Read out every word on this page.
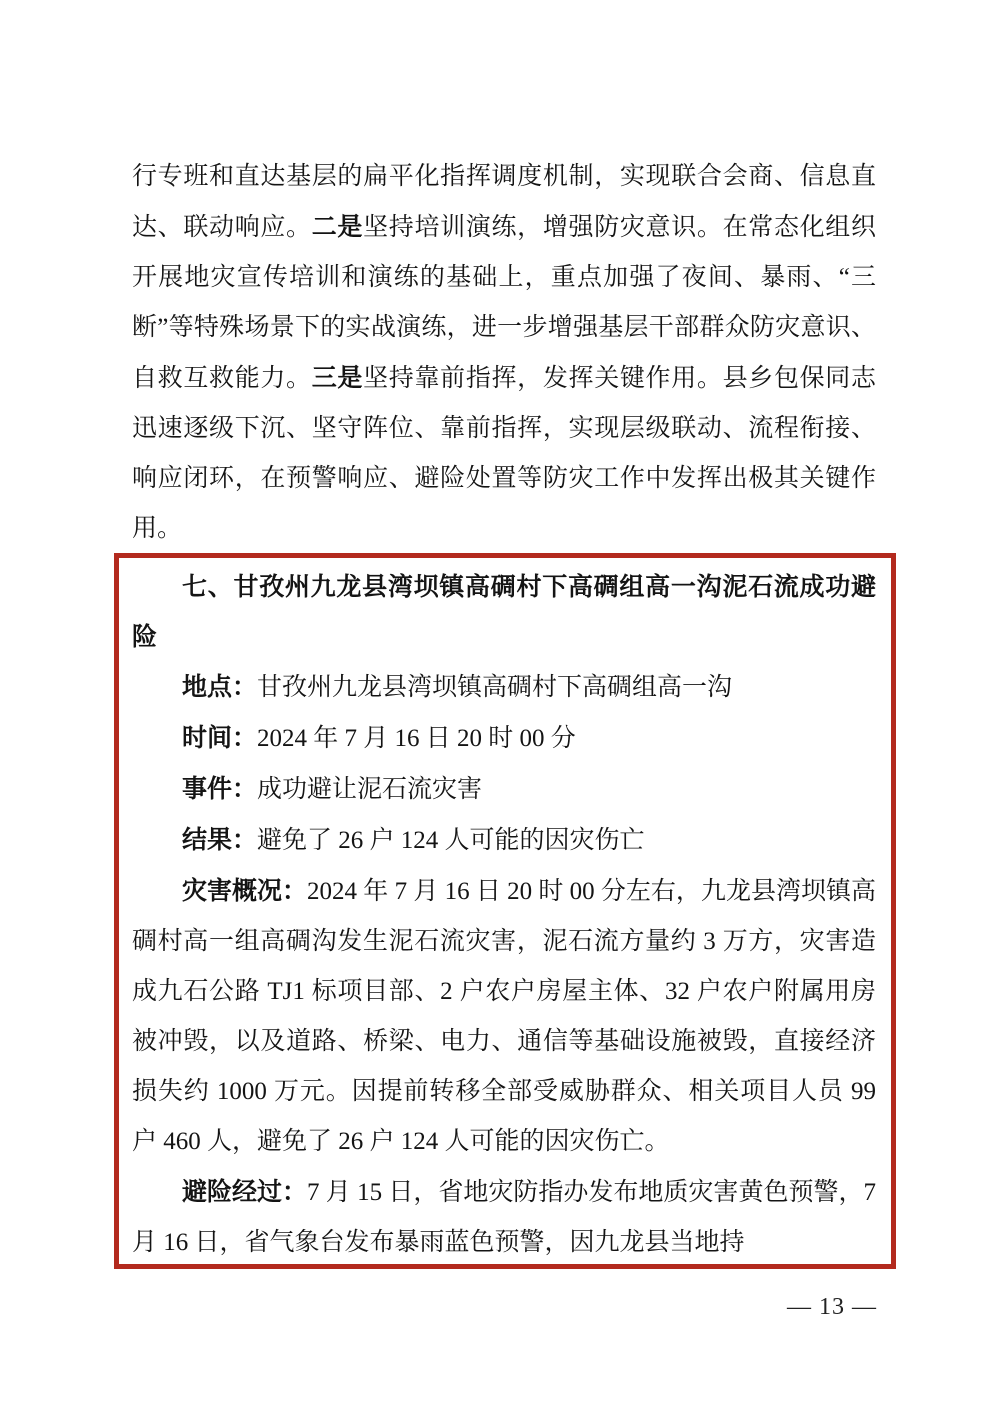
行专班和直达基层的扁平化指挥调度机制，实现联合会商、信息直达、联动响应。二是坚持培训演练，增强防灾意识。在常态化组织开展地灾宣传培训和演练的基础上，重点加强了夜间、暴雨、“三断”等特殊场景下的实战演练，进一步增强基层干部群众防灾意识、自救互救能力。三是坚持靠前指挥，发挥关键作用。县乡包保同志迅速逐级下沉、坚守阵位、靠前指挥，实现层级联动、流程衔接、响应闭环，在预警响应、避险处置等防灾工作中发挥出极其关键作用。

七、甘孜州九龙县湾坝镇高碉村下高碉组高一沟泥石流成功避险

地点：甘孜州九龙县湾坝镇高碉村下高碉组高一沟

时间：2024 年 7 月 16 日 20 时 00 分

事件：成功避让泥石流灾害

结果：避免了 26 户 124 人可能的因灾伤亡

灾害概况：2024 年 7 月 16 日 20 时 00 分左右，九龙县湾坝镇高碉村高一组高碉沟发生泥石流灾害，泥石流方量约 3 万方，灾害造成九石公路 TJ1 标项目部、2 户农户房屋主体、32 户农户附属用房被冲毁，以及道路、桥梁、电力、通信等基础设施被毁，直接经济损失约 1000 万元。因提前转移全部受威胁群众、相关项目人员 99 户 460 人，避免了 26 户 124 人可能的因灾伤亡。

避险经过：7 月 15 日，省地灾防指办发布地质灾害黄色预警，7 月 16 日，省气象台发布暴雨蓝色预警，因九龙县当地持

— 13 —
